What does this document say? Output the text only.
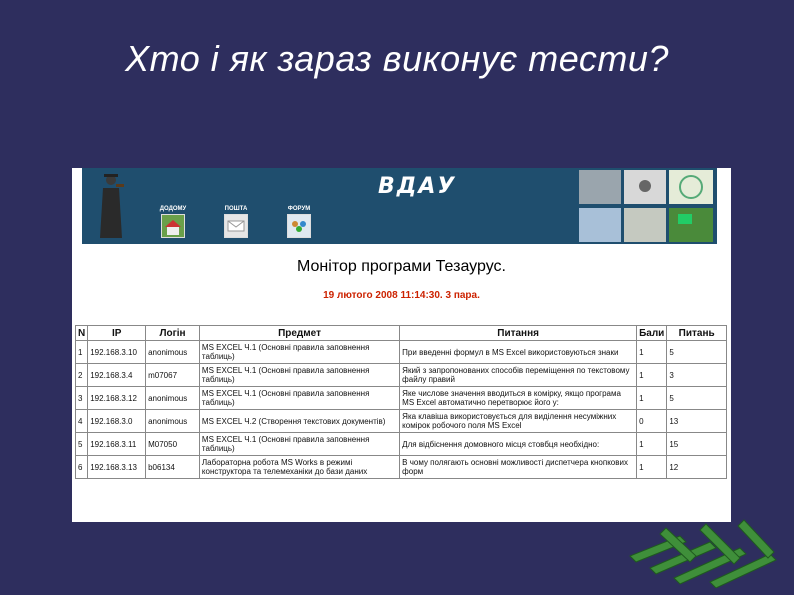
Хто і як зараз виконує тести?
ДОДОМУ	ПОШТА	ФОРУМ
ВДАУ
Монітор програми Тезаурус.
19 лютого 2008 11:14:30. 3 пара.
N	IP	Логін	Предмет	Питання	Бали	Питань
1	192.168.3.10	anonimous	MS EXCEL Ч.1 (Основні правила заповнення таблиць)	При введенні формул в MS Excel використовуються знаки	1	5
2	192.168.3.4	m07067	MS EXCEL Ч.1 (Основні правила заповнення таблиць)	Який з запропонованих способів переміщення по текстовому файлу правий	1	3
3	192.168.3.12	anonimous	MS EXCEL Ч.1 (Основні правила заповнення таблиць)	Яке числове значення вводиться в комірку, якщо програма MS Excel автоматично перетворює його у:	1	5
4	192.168.3.0	anonimous	MS EXCEL Ч.2 (Створення текстових документів)	Яка клавіша використовується для виділення несуміжних комірок робочого поля MS Excel	0	13
5	192.168.3.11	M07050	MS EXCEL Ч.1 (Основні правила заповнення таблиць)	Для відбіснення домовного місця стовбця необхідно:	1	15
6	192.168.3.13	b06134	Лабораторна робота MS Works в режимі конструктора та телемеханіки до бази даних	В чому полягають основні можливості диспетчера кнопкових форм	1	12
